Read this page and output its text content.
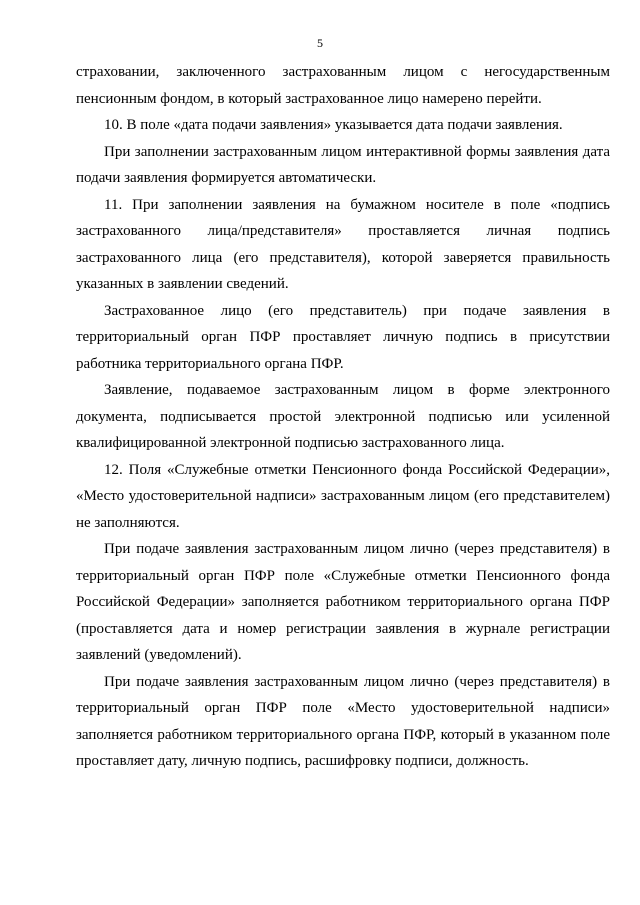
5

страховании, заключенного застрахованным лицом с негосударственным пенсионным фондом, в который застрахованное лицо намерено перейти.

10. В поле «дата подачи заявления» указывается дата подачи заявления.

При заполнении застрахованным лицом интерактивной формы заявления дата подачи заявления формируется автоматически.

11. При заполнении заявления на бумажном носителе в поле «подпись застрахованного лица/представителя» проставляется личная подпись застрахованного лица (его представителя), которой заверяется правильность указанных в заявлении сведений.

Застрахованное лицо (его представитель) при подаче заявления в территориальный орган ПФР проставляет личную подпись в присутствии работника территориального органа ПФР.

Заявление, подаваемое застрахованным лицом в форме электронного документа, подписывается простой электронной подписью или усиленной квалифицированной электронной подписью застрахованного лица.

12. Поля «Служебные отметки Пенсионного фонда Российской Федерации», «Место удостоверительной надписи» застрахованным лицом (его представителем) не заполняются.

При подаче заявления застрахованным лицом лично (через представителя) в территориальный орган ПФР поле «Служебные отметки Пенсионного фонда Российской Федерации» заполняется работником территориального органа ПФР (проставляется дата и номер регистрации заявления в журнале регистрации заявлений (уведомлений).

При подаче заявления застрахованным лицом лично (через представителя) в территориальный орган ПФР поле «Место удостоверительной надписи» заполняется работником территориального органа ПФР, который в указанном поле проставляет дату, личную подпись, расшифровку подписи, должность.
